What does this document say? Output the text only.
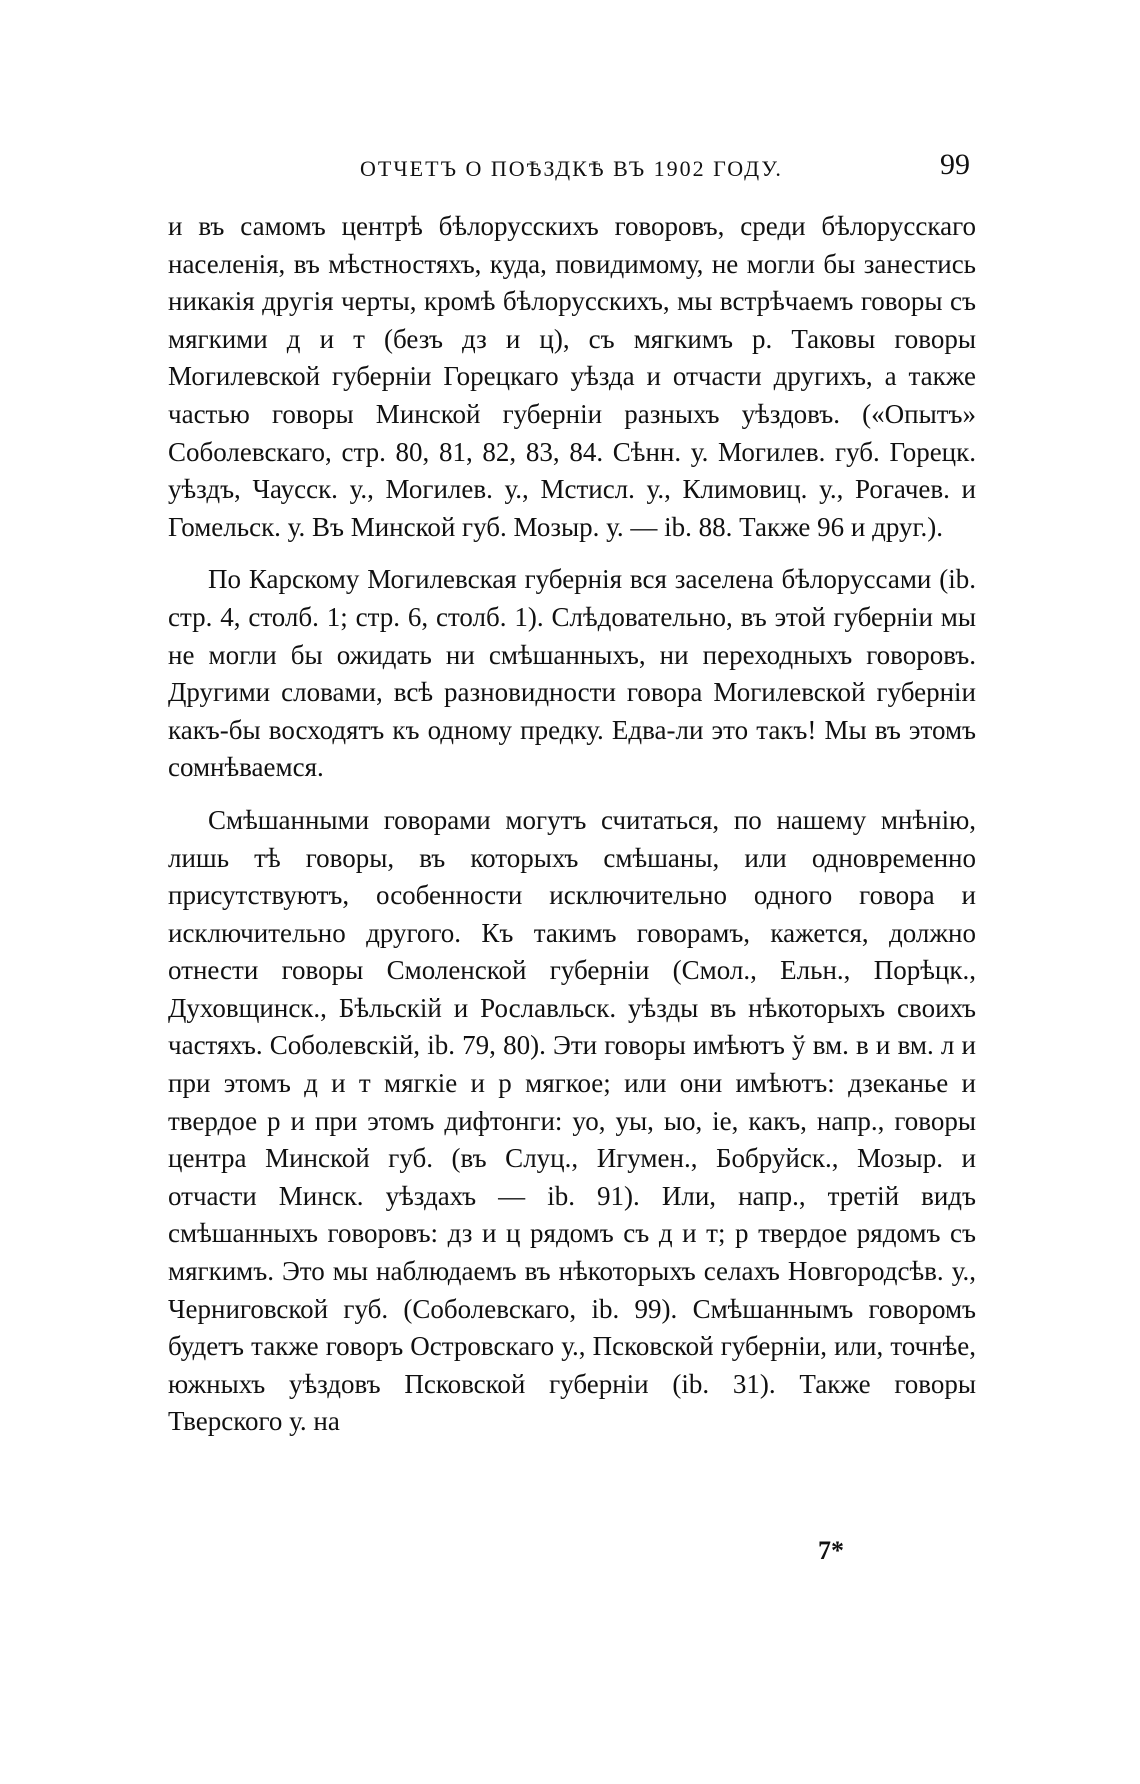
ОТЧЕТЪ О ПОѢЗДКѢ ВЪ 1902 ГОДУ.	99

и въ самомъ центрѣ бѣлорусскихъ говоровъ, среди бѣлорусскаго населенія, въ мѣстностяхъ, куда, повидимому, не могли бы занестись никакія другія черты, кромѣ бѣлорусскихъ, мы встрѣчаемъ говоры съ мягкими д и т (безъ дз и ц), съ мягкимъ р. Таковы говоры Могилевской губерніи Горецкаго уѣзда и отчасти другихъ, а также частью говоры Минской губерніи разныхъ уѣздовъ. («Опытъ» Соболевскаго, стр. 80, 81, 82, 83, 84. Сѣнн. у. Могилев. губ. Горецк. уѣздъ, Чаусск. у., Могилев. у., Мстисл. у., Климовиц. у., Рогачев. и Гомельск. у. Въ Минской губ. Мозыр. у. — ib. 88. Также 96 и друг.).

По Карскому Могилевская губернія вся заселена бѣлоруссами (ib. стр. 4, столб. 1; стр. 6, столб. 1). Слѣдовательно, въ этой губерніи мы не могли бы ожидать ни смѣшанныхъ, ни переходныхъ говоровъ. Другими словами, всѣ разновидности говора Могилевской губерніи какъ-бы восходятъ къ одному предку. Едва-ли это такъ! Мы въ этомъ сомнѣваемся.

Смѣшанными говорами могутъ считаться, по нашему мнѣнію, лишь тѣ говоры, въ которыхъ смѣшаны, или одновременно присутствуютъ, особенности исключительно одного говора и исключительно другого. Къ такимъ говорамъ, кажется, должно отнести говоры Смоленской губерніи (Смол., Ельн., Порѣцк., Духовщинск., Бѣльскій и Рославльск. уѣзды въ нѣкоторыхъ своихъ частяхъ. Соболевскій, ib. 79, 80). Эти говоры имѣютъ ў вм. в и вм. л и при этомъ д и т мягкіе и р мягкое; или они имѣютъ: дзеканье и твердое р и при этомъ дифтонги: уо, уы, ыо, іе, какъ, напр., говоры центра Минской губ. (въ Слуц., Игумен., Бобруйск., Мозыр. и отчасти Минск. уѣздахъ — ib. 91). Или, напр., третій видъ смѣшанныхъ говоровъ: дз и ц рядомъ съ д и т; р твердое рядомъ съ мягкимъ. Это мы наблюдаемъ въ нѣкоторыхъ селахъ Новгородсѣв. у., Черниговской губ. (Соболевскаго, ib. 99). Смѣшаннымъ говоромъ будетъ также говоръ Островскаго у., Псковской губерніи, или, точнѣе, южныхъ уѣздовъ Псковской губерніи (ib. 31). Также говоры Тверского у. на

7*
